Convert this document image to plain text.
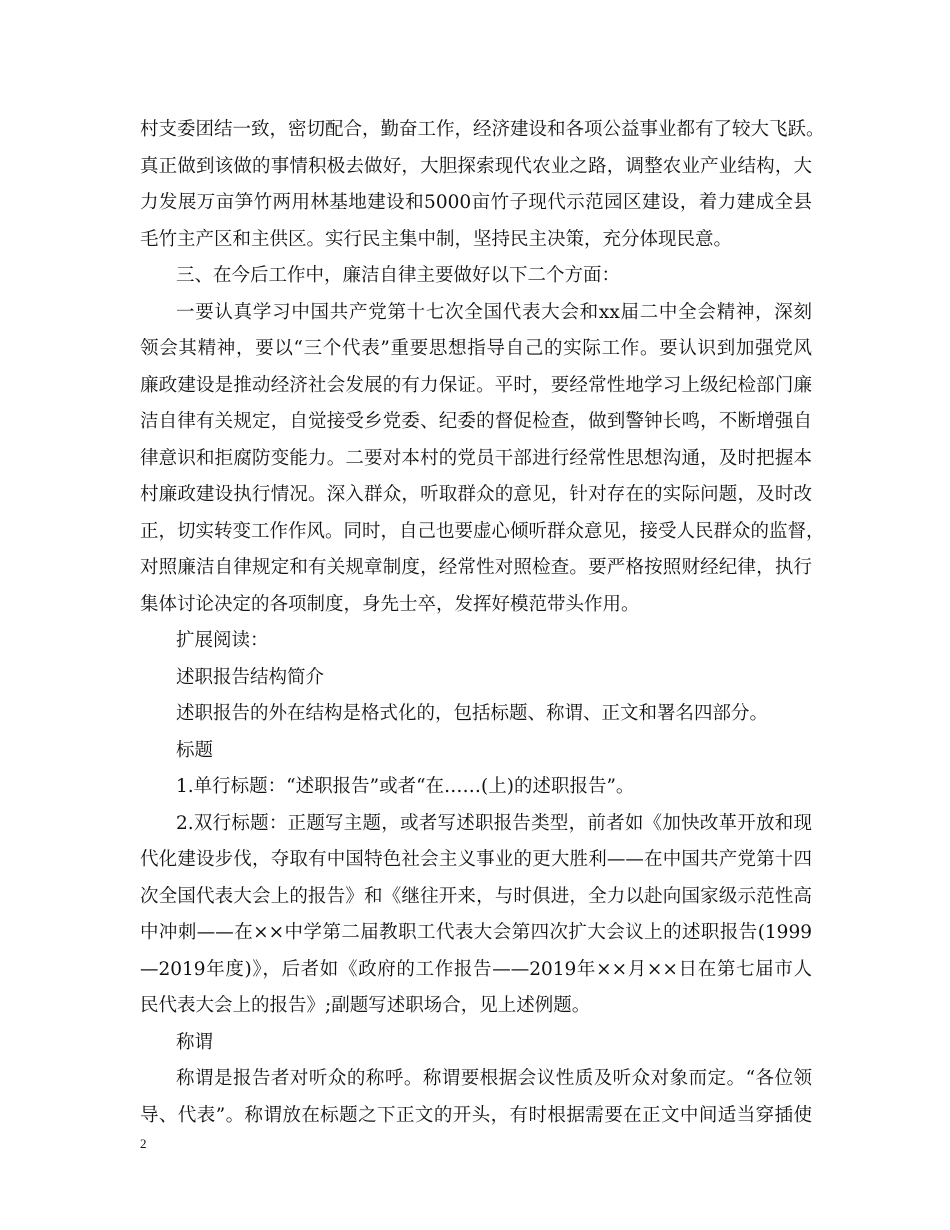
村支委团结一致，密切配合，勤奋工作，经济建设和各项公益事业都有了较大飞跃。
真正做到该做的事情积极去做好，大胆探索现代农业之路，调整农业产业结构，大
力发展万亩笋竹两用林基地建设和5000亩竹子现代示范园区建设，着力建成全县
毛竹主产区和主供区。实行民主集中制，坚持民主决策，充分体现民意。
三、在今后工作中，廉洁自律主要做好以下二个方面：
一要认真学习中国共产党第十七次全国代表大会和xx届二中全会精神，深刻
领会其精神，要以“三个代表”重要思想指导自己的实际工作。要认识到加强党风
廉政建设是推动经济社会发展的有力保证。平时，要经常性地学习上级纪检部门廉
洁自律有关规定，自觉接受乡党委、纪委的督促检查，做到警钟长鸣，不断增强自
律意识和拒腐防变能力。二要对本村的党员干部进行经常性思想沟通，及时把握本
村廉政建设执行情况。深入群众，听取群众的意见，针对存在的实际问题，及时改
正，切实转变工作作风。同时，自己也要虚心倾听群众意见，接受人民群众的监督，
对照廉洁自律规定和有关规章制度，经常性对照检查。要严格按照财经纪律，执行
集体讨论决定的各项制度，身先士卒，发挥好模范带头作用。
扩展阅读：
述职报告结构简介
述职报告的外在结构是格式化的，包括标题、称谓、正文和署名四部分。
标题
1.单行标题：“述职报告”或者“在……(上)的述职报告”。
2.双行标题：正题写主题，或者写述职报告类型，前者如《加快改革开放和现
代化建设步伐，夺取有中国特色社会主义事业的更大胜利——在中国共产党第十四
次全国代表大会上的报告》和《继往开来，与时俱进，全力以赴向国家级示范性高
中冲刺——在××中学第二届教职工代表大会第四次扩大会议上的述职报告(1999
—2019年度)》，后者如《政府的工作报告——2019年××月××日在第七届市人
民代表大会上的报告》;副题写述职场合，见上述例题。
称谓
称谓是报告者对听众的称呼。称谓要根据会议性质及听众对象而定。“各位领
导、代表”。称谓放在标题之下正文的开头，有时根据需要在正文中间适当穿插使
2
